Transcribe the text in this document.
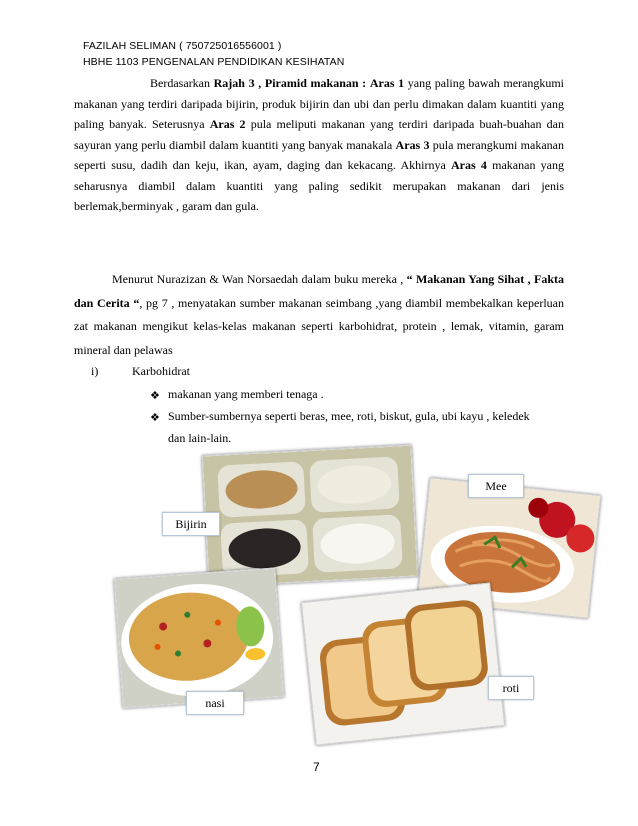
FAZILAH SELIMAN ( 750725016556001 )
HBHE 1103 PENGENALAN PENDIDIKAN KESIHATAN
Berdasarkan Rajah 3 , Piramid makanan : Aras 1 yang paling bawah merangkumi makanan yang terdiri daripada bijirin, produk bijirin dan ubi dan perlu dimakan dalam kuantiti yang paling banyak. Seterusnya Aras 2 pula meliputi makanan yang terdiri daripada buah-buahan dan sayuran yang perlu diambil dalam kuantiti yang banyak manakala Aras 3 pula merangkumi makanan seperti susu, dadih dan keju, ikan, ayam, daging dan kekacang. Akhirnya Aras 4 makanan yang seharusnya diambil dalam kuantiti yang paling sedikit merupakan makanan dari jenis berlemak,berminyak , garam dan gula.
Menurut Nurazizan & Wan Norsaedah dalam buku mereka , “ Makanan Yang Sihat , Fakta dan Cerita “, pg 7 , menyatakan sumber makanan seimbang ,yang diambil membekalkan keperluan zat makanan mengikut kelas-kelas makanan seperti karbohidrat, protein , lemak, vitamin, garam mineral dan pelawas
i)	Karbohidrat
❖ makanan yang memberi tenaga .
❖ Sumber-sumbernya seperti beras, mee, roti, biskut, gula, ubi kayu , keledek
dan lain-lain.
Bijirin
Mee
nasi
roti
7
